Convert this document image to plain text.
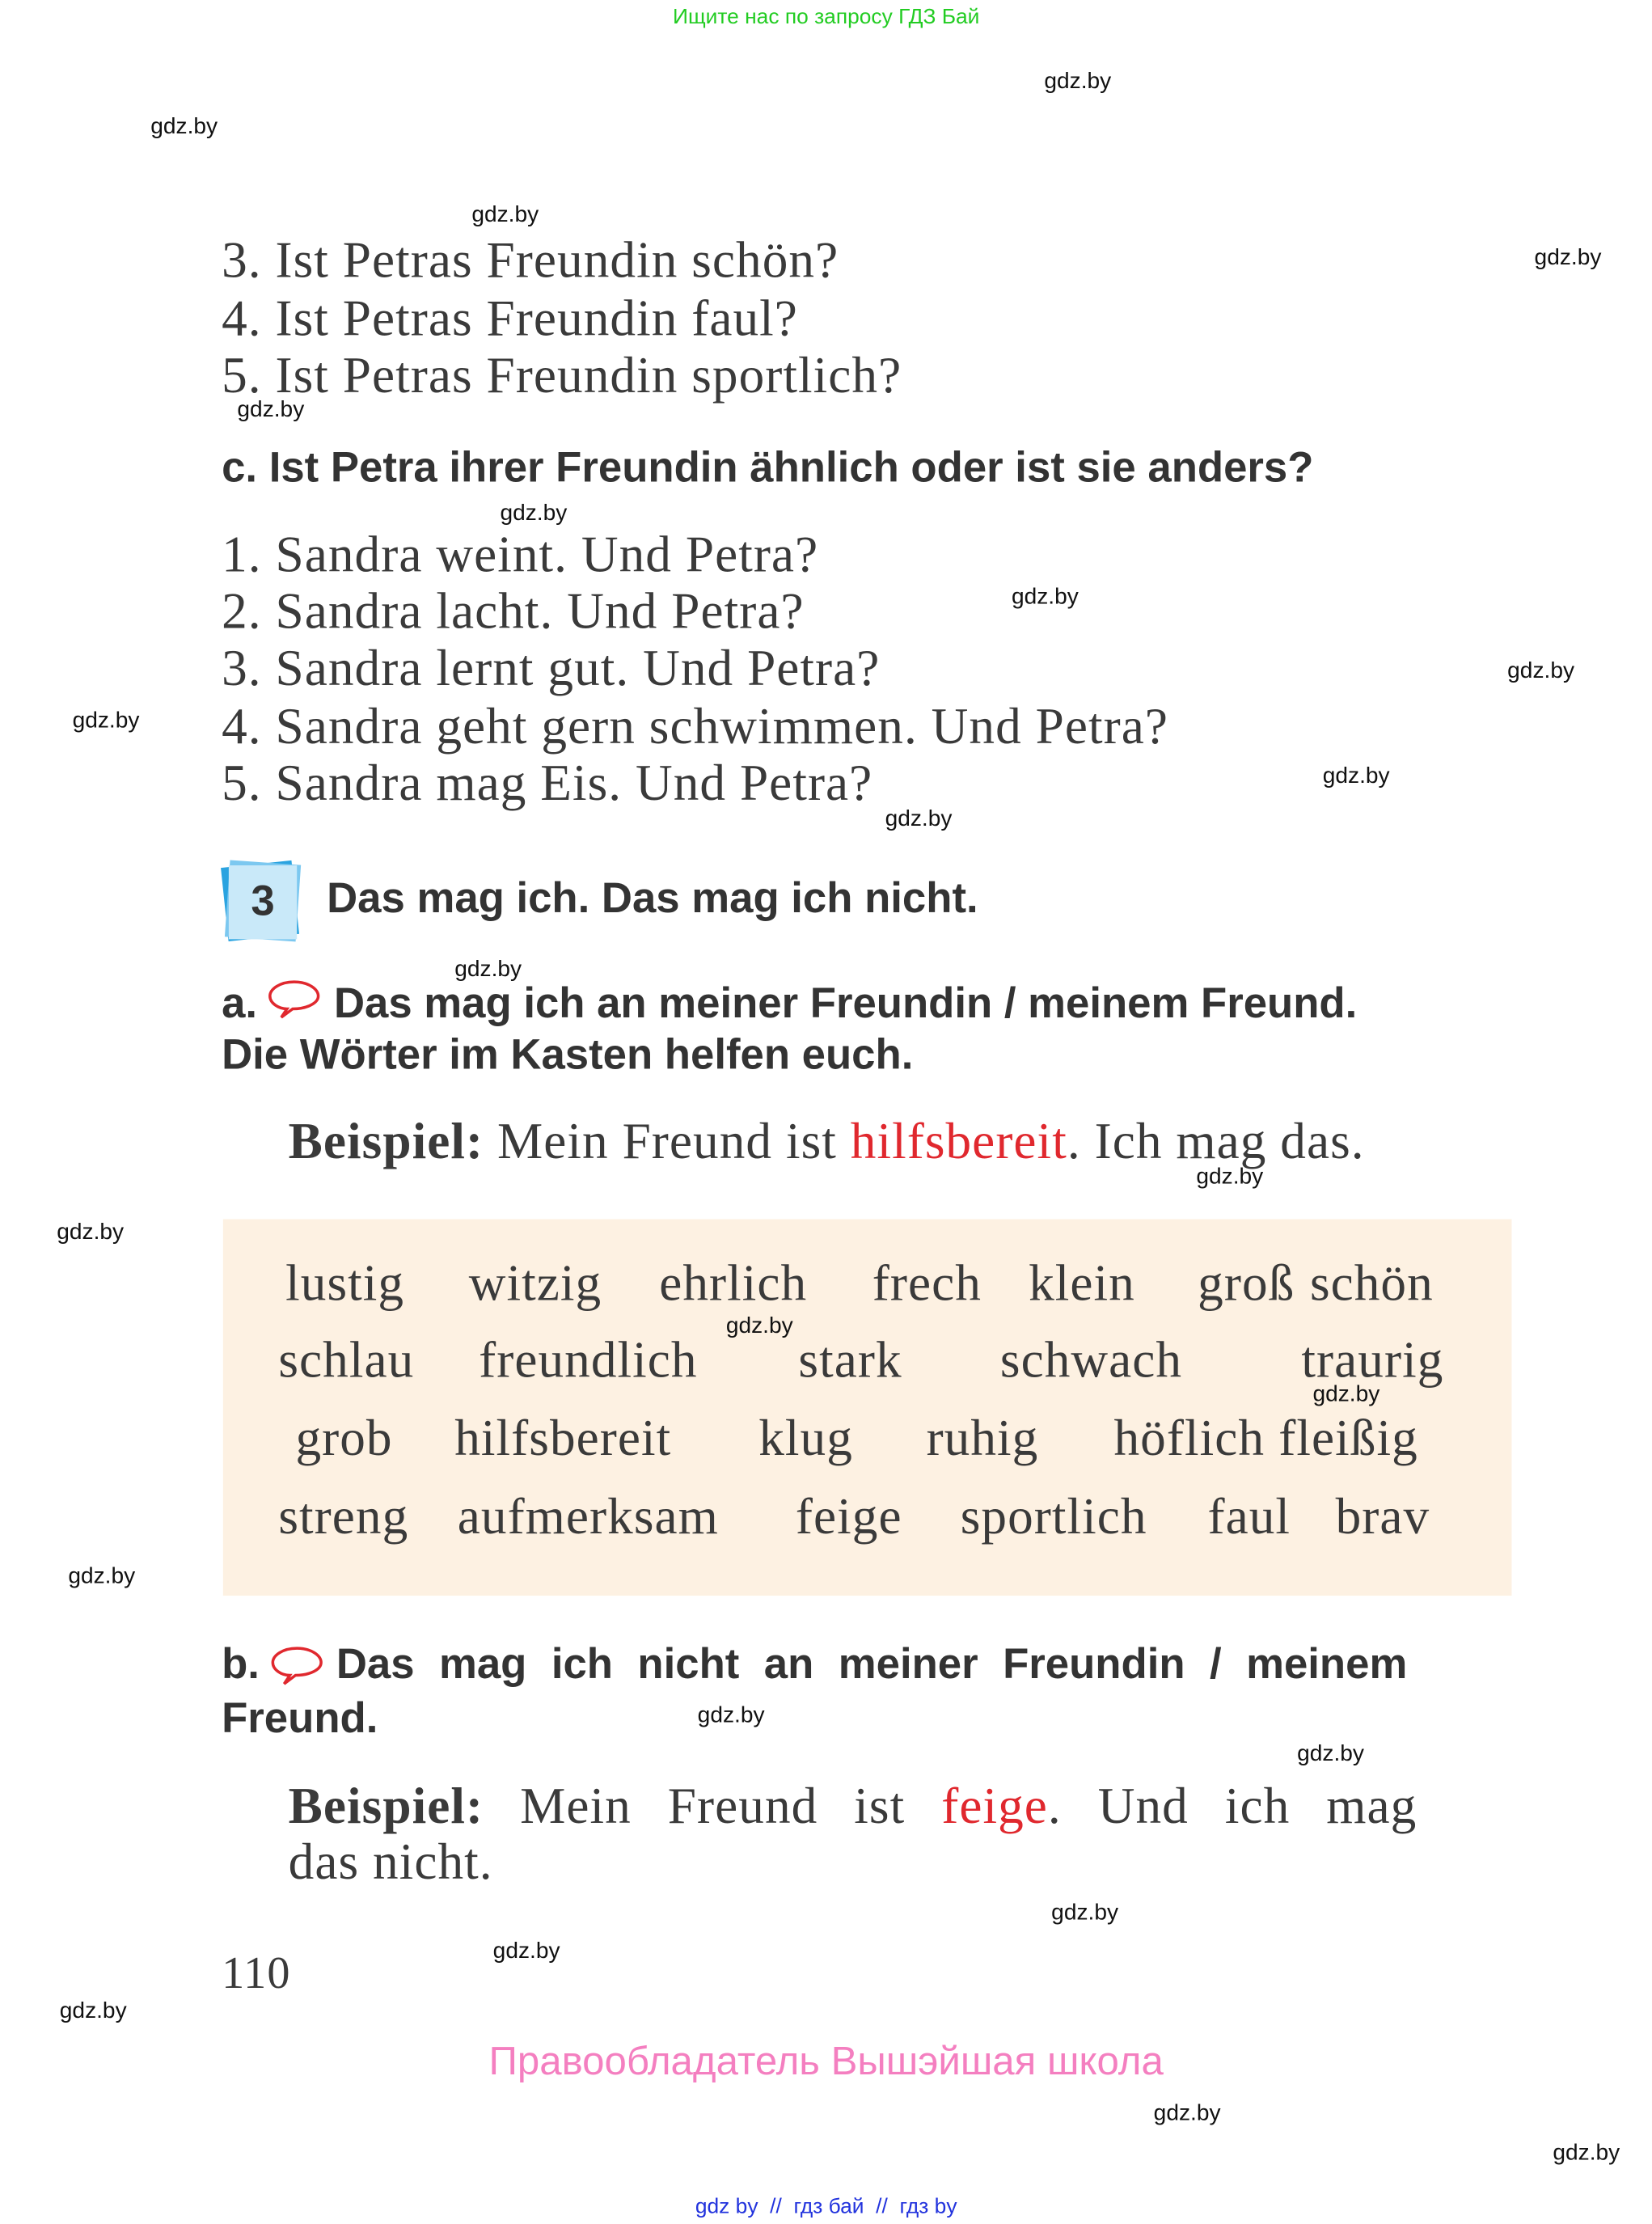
Ищите нас по запросу ГДЗ Бай
3. Ist Petras Freundin schön?
4. Ist Petras Freundin faul?
5. Ist Petras Freundin sportlich?
c. Ist Petra ihrer Freundin ähnlich oder ist sie anders?
1. Sandra weint. Und Petra?
2. Sandra lacht. Und Petra?
3. Sandra lernt gut. Und Petra?
4. Sandra geht gern schwimmen. Und Petra?
5. Sandra mag Eis. Und Petra?
3	Das mag ich. Das mag ich nicht.
a.	Das mag ich an meiner Freundin / meinem Freund.
Die Wörter im Kasten helfen euch.
Beispiel: Mein Freund ist hilfsbereit. Ich mag das.
b.	Das mag ich nicht an meiner Freundin / meinem
Freund.
Beispiel: Mein Freund ist feige. Und ich mag
das nicht.
110
Правообладатель Вышэйшая школа
gdz by  //  гдз бай  //  гдз by
lustig witzig ehrlich frech klein groß schön
schlau freundlich	stark	schwach	traurig
grob hilfsbereit	klug	ruhig	höflich fleißig
streng aufmerksam	feige sportlich faul brav
gdz.by
gdz.by
gdz.by
gdz.by
gdz.by
gdz.by
gdz.by
gdz.by
gdz.by
gdz.by
gdz.by
gdz.by
gdz.by
gdz.by
gdz.by
gdz.by
gdz.by
gdz.by
gdz.by
gdz.by
gdz.by
gdz.by
gdz.by
gdz.by
